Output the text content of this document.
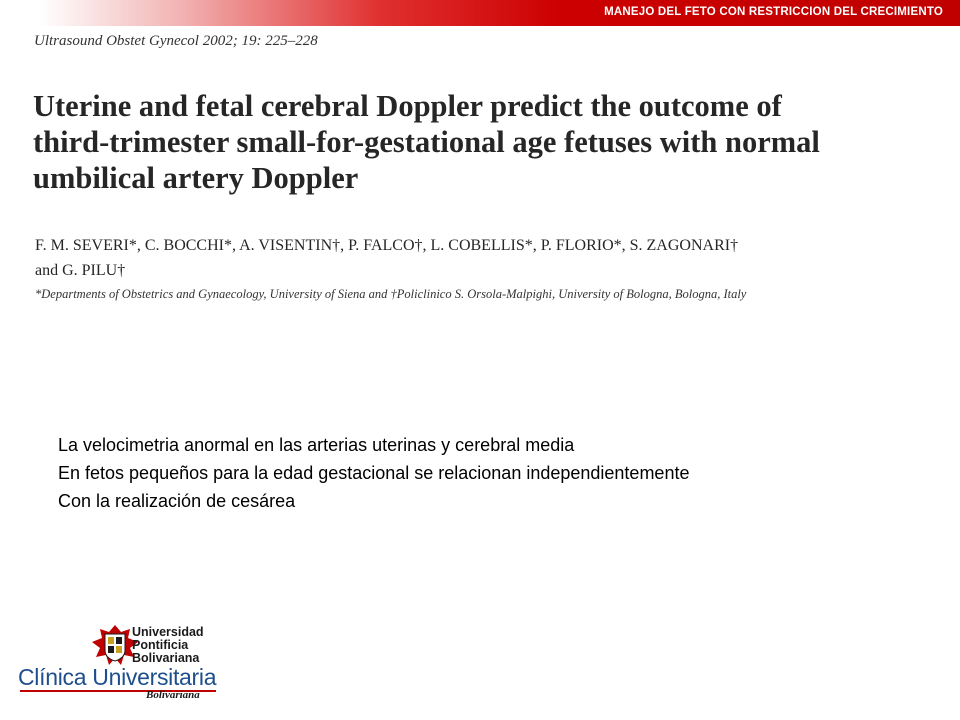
MANEJO DEL FETO CON RESTRICCION DEL CRECIMIENTO
Ultrasound Obstet Gynecol 2002; 19: 225–228
Uterine and fetal cerebral Doppler predict the outcome of
third-trimester small-for-gestational age fetuses with normal
umbilical artery Doppler
F. M. SEVERI*, C. BOCCHI*, A. VISENTIN†, P. FALCO†, L. COBELLIS*, P. FLORIO*, S. ZAGONARI†
and G. PILU†
*Departments of Obstetrics and Gynaecology, University of Siena and †Policlinico S. Orsola-Malpighi, University of Bologna, Bologna, Italy
La velocimetria anormal en las arterias uterinas y cerebral media
En fetos pequeños para la edad gestacional se relacionan independientemente
Con la realización de cesárea
Universidad
Pontificia
Bolivariana
Clínica Universitaria
Bolivariana
